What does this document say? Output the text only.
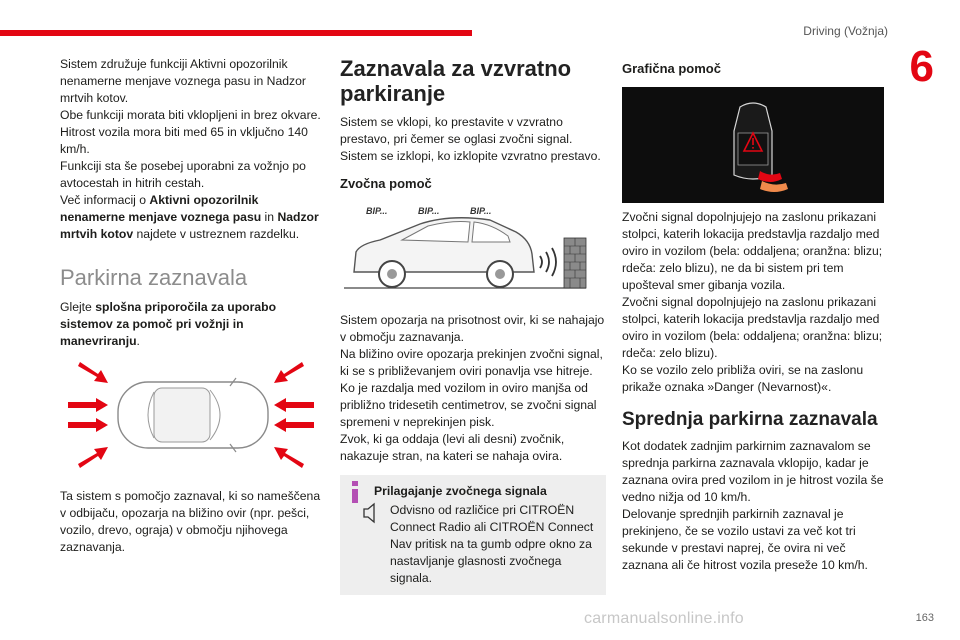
Driving (Vožnja)
6

Sistem združuje funkciji Aktivni opozorilnik nenamerne menjave voznega pasu in Nadzor mrtvih kotov.

Obe funkciji morata biti vklopljeni in brez okvare.

Hitrost vozila mora biti med 65 in vključno 140 km/h.

Funkciji sta še posebej uporabni za vožnjo po avtocestah in hitrih cestah.

Več informacij o Aktivni opozorilnik nenamerne menjave voznega pasu in Nadzor mrtvih kotov najdete v ustreznem razdelku.

Parkirna zaznavala

Glejte splošna priporočila za uporabo sistemov za pomoč pri vožnji in manevriranju.

Ta sistem s pomočjo zaznaval, ki so nameščena v odbijaču, opozarja na bližino ovir (npr. pešci, vozilo, drevo, ograja) v območju njihovega zaznavanja.

Zaznavala za vzvratno parkiranje

Sistem se vklopi, ko prestavite v vzvratno prestavo, pri čemer se oglasi zvočni signal.

Sistem se izklopi, ko izklopite vzvratno prestavo.

Zvočna pomoč
BIP...	BIP...	BIP...

Sistem opozarja na prisotnost ovir, ki se nahajajo v območju zaznavanja.

Na bližino ovire opozarja prekinjen zvočni signal, ki se s približevanjem oviri ponavlja vse hitreje.

Ko je razdalja med vozilom in oviro manjša od približno tridesetih centimetrov, se zvočni signal spremeni v neprekinjen pisk.

Zvok, ki ga oddaja (levi ali desni) zvočnik, nakazuje stran, na kateri se nahaja ovira.

Prilagajanje zvočnega signala
Odvisno od različice pri CITROËN Connect Radio ali CITROËN Connect Nav pritisk na ta gumb odpre okno za nastavljanje glasnosti zvočnega signala.
Grafična pomoč

Zvočni signal dopolnjujejo na zaslonu prikazani stolpci, katerih lokacija predstavlja razdaljo med oviro in vozilom (bela: oddaljena; oranžna: blizu; rdeča: zelo blizu), ne da bi sistem pri tem upošteval smer gibanja vozila.

Zvočni signal dopolnjujejo na zaslonu prikazani stolpci, katerih lokacija predstavlja razdaljo med oviro in vozilom (bela: oddaljena; oranžna: blizu; rdeča: zelo blizu).

Ko se vozilo zelo približa oviri, se na zaslonu prikaže oznaka »Danger (Nevarnost)«.

Sprednja parkirna zaznavala

Kot dodatek zadnjim parkirnim zaznavalom se sprednja parkirna zaznavala vklopijo, kadar je zaznana ovira pred vozilom in je hitrost vozila še vedno nižja od 10 km/h.

Delovanje sprednjih parkirnih zaznaval je prekinjeno, če se vozilo ustavi za več kot tri sekunde v prestavi naprej, če ovira ni več zaznana ali če hitrost vozila preseže 10 km/h.

carmanualsonline.info	163
